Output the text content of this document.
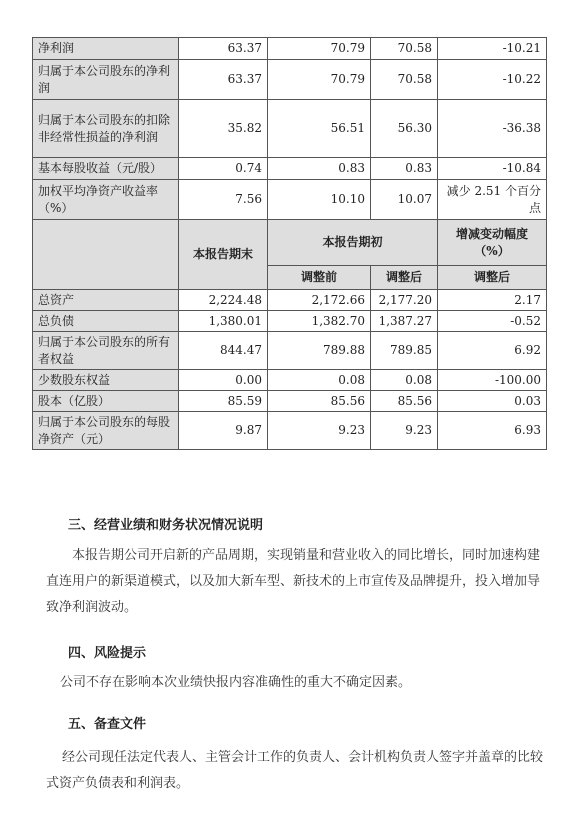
净利润	63.37	70.79	70.58	-10.21
归属于本公司股东的净利润	63.37	70.79	70.58	-10.22
归属于本公司股东的扣除非经常性损益的净利润	35.82	56.51	56.30	-36.38
基本每股收益（元/股）	0.74	0.83	0.83	-10.84
加权平均净资产收益率（%）	7.56	10.10	10.07	减少 2.51 个百分点
	本报告期末	本报告期初		增减变动幅度（%）
		调整前	调整后	调整后
总资产	2,224.48	2,172.66	2,177.20	2.17
总负债	1,380.01	1,382.70	1,387.27	-0.52
归属于本公司股东的所有者权益	844.47	789.88	789.85	6.92
少数股东权益	0.00	0.08	0.08	-100.00
股本（亿股）	85.59	85.56	85.56	0.03
归属于本公司股东的每股净资产（元）	9.87	9.23	9.23	6.93
三、经营业绩和财务状况情况说明

本报告期公司开启新的产品周期，实现销量和营业收入的同比增长，同时加速构建直连用户的新渠道模式，以及加大新车型、新技术的上市宣传及品牌提升，投入增加导致净利润波动。

四、风险提示

公司不存在影响本次业绩快报内容准确性的重大不确定因素。

五、备查文件

经公司现任法定代表人、主管会计工作的负责人、会计机构负责人签字并盖章的比较式资产负债表和利润表。
